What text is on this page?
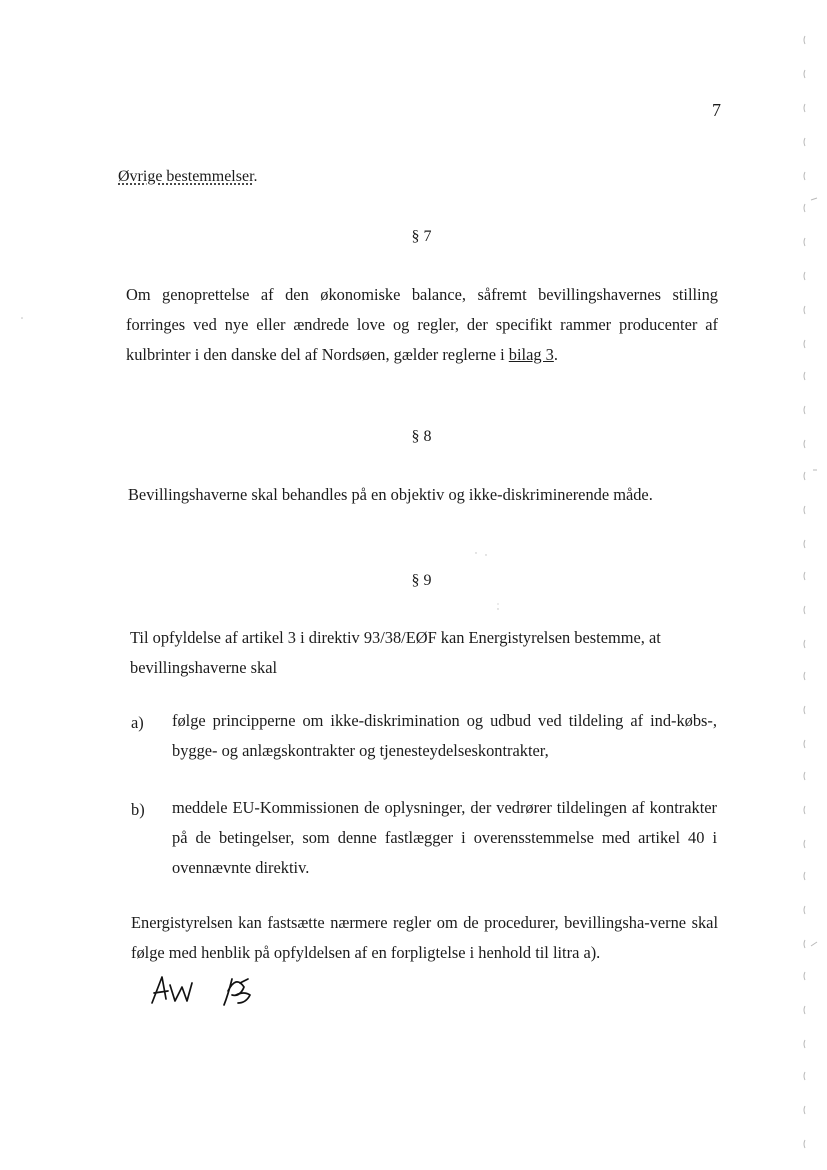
7
Øvrige bestemmelser.
§ 7

Om genoprettelse af den økonomiske balance, såfremt bevillingshavernes stilling forringes ved nye eller ændrede love og regler, der specifikt rammer producenter af kulbrinter i den danske del af Nordsøen, gælder reglerne i bilag 3.

§ 8

Bevillingshaverne skal behandles på en objektiv og ikke-diskriminerende måde.

§ 9

Til opfyldelse af artikel 3 i direktiv 93/38/EØF kan Energistyrelsen bestemme, at bevillingshaverne skal

a) følge principperne om ikke-diskrimination og udbud ved tildeling af ind-købs-, bygge- og anlægskontrakter og tjenesteydelseskontrakter,

b) meddele EU-Kommissionen de oplysninger, der vedrører tildelingen af kontrakter på de betingelser, som denne fastlægger i overensstemmelse med artikel 40 i ovennævnte direktiv.

Energistyrelsen kan fastsætte nærmere regler om de procedurer, bevillingsha-verne skal følge med henblik på opfyldelsen af en forpligtelse i henhold til litra a).
